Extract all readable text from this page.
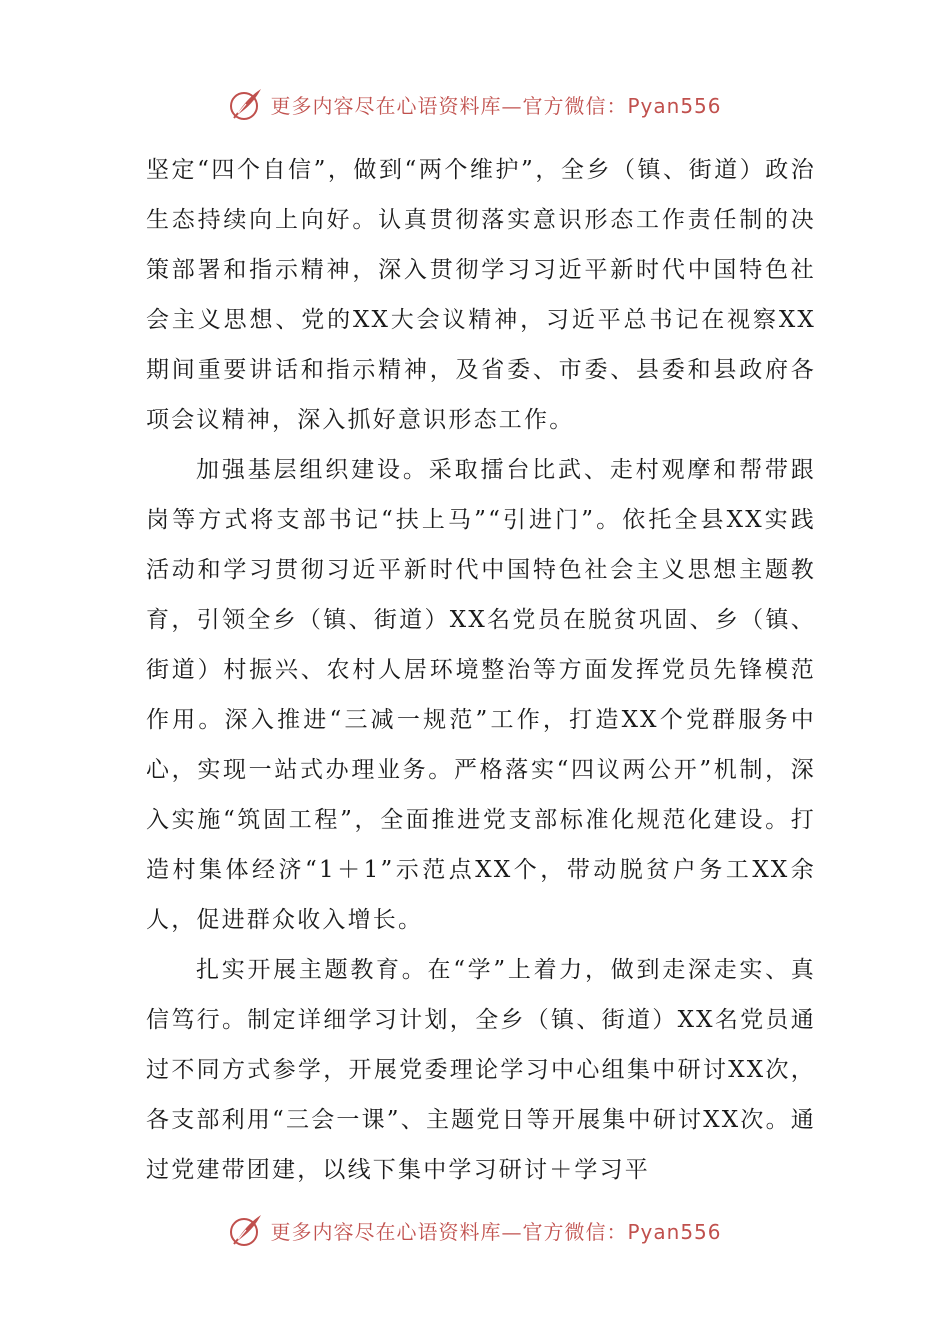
更多内容尽在心语资料库—官方微信：Pyan556

坚定“四个自信”，做到“两个维护”，全乡（镇、街道）政治生态持续向上向好。认真贯彻落实意识形态工作责任制的决策部署和指示精神，深入贯彻学习习近平新时代中国特色社会主义思想、党的XX大会议精神，习近平总书记在视察XX期间重要讲话和指示精神，及省委、市委、县委和县政府各项会议精神，深入抓好意识形态工作。

加强基层组织建设。采取擂台比武、走村观摩和帮带跟岗等方式将支部书记“扶上马”“引进门”。依托全县XX实践活动和学习贯彻习近平新时代中国特色社会主义思想主题教育，引领全乡（镇、街道）XX名党员在脱贫巩固、乡（镇、街道）村振兴、农村人居环境整治等方面发挥党员先锋模范作用。深入推进“三减一规范”工作，打造XX个党群服务中心，实现一站式办理业务。严格落实“四议两公开”机制，深入实施“筑固工程”，全面推进党支部标准化规范化建设。打造村集体经济“1＋1”示范点XX个，带动脱贫户务工XX余人，促进群众收入增长。

扎实开展主题教育。在“学”上着力，做到走深走实、真信笃行。制定详细学习计划，全乡（镇、街道）XX名党员通过不同方式参学，开展党委理论学习中心组集中研讨XX次，各支部利用“三会一课”、主题党日等开展集中研讨XX次。通过党建带团建，以线下集中学习研讨＋学习平

更多内容尽在心语资料库—官方微信：Pyan556
